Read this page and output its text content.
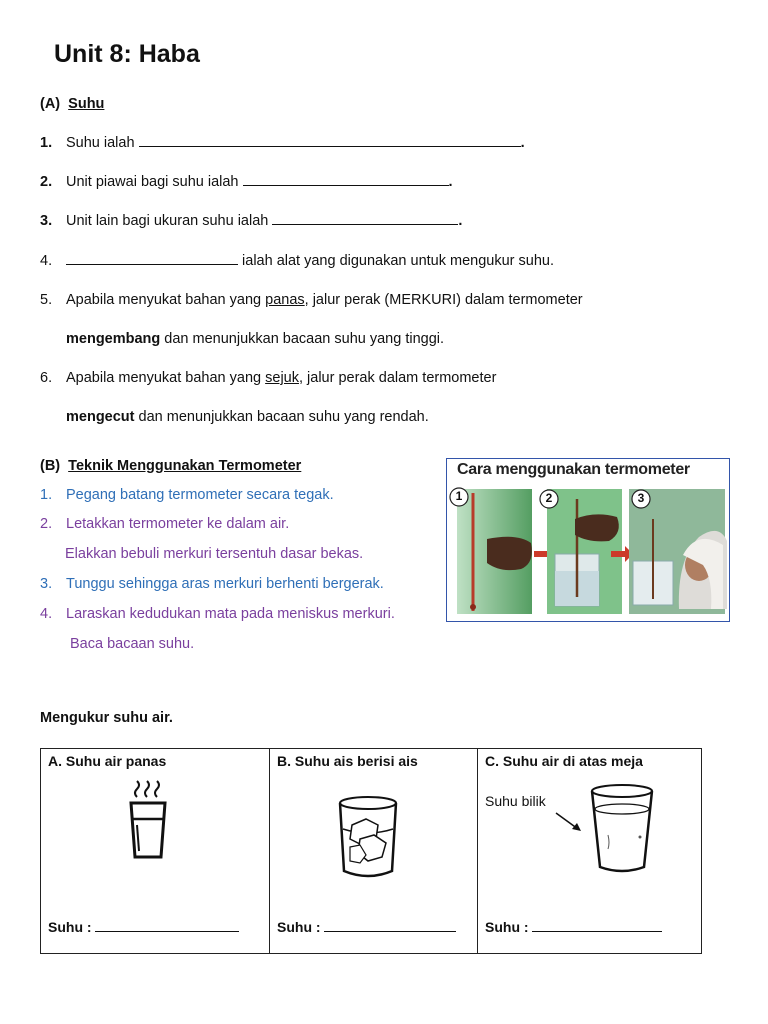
Unit 8: Haba
(A) Suhu
1. Suhu ialah	.
2. Unit piawai bagi suhu ialah	.
3. Unit lain bagi ukuran suhu ialah	.
4.	ialah alat yang digunakan untuk mengukur suhu.
5. Apabila menyukat bahan yang panas, jalur perak (MERKURI) dalam termometer
mengembang dan menunjukkan bacaan suhu yang tinggi.
6. Apabila menyukat bahan yang sejuk, jalur perak dalam termometer
mengecut dan menunjukkan bacaan suhu yang rendah.
(B) Teknik Menggunakan Termometer
1. Pegang batang termometer secara tegak.
2. Letakkan termometer ke dalam air.
Elakkan bebuli merkuri tersentuh dasar bekas.
3. Tunggu sehingga aras merkuri berhenti bergerak.
4. Laraskan kedudukan mata pada meniskus merkuri.
Baca bacaan suhu.
Cara menggunakan termometer
1	2	3
Mengukur suhu air.
A. Suhu air panas
Suhu :

B. Suhu ais berisi ais
Suhu :

C. Suhu air di atas meja
Suhu bilik
Suhu :
